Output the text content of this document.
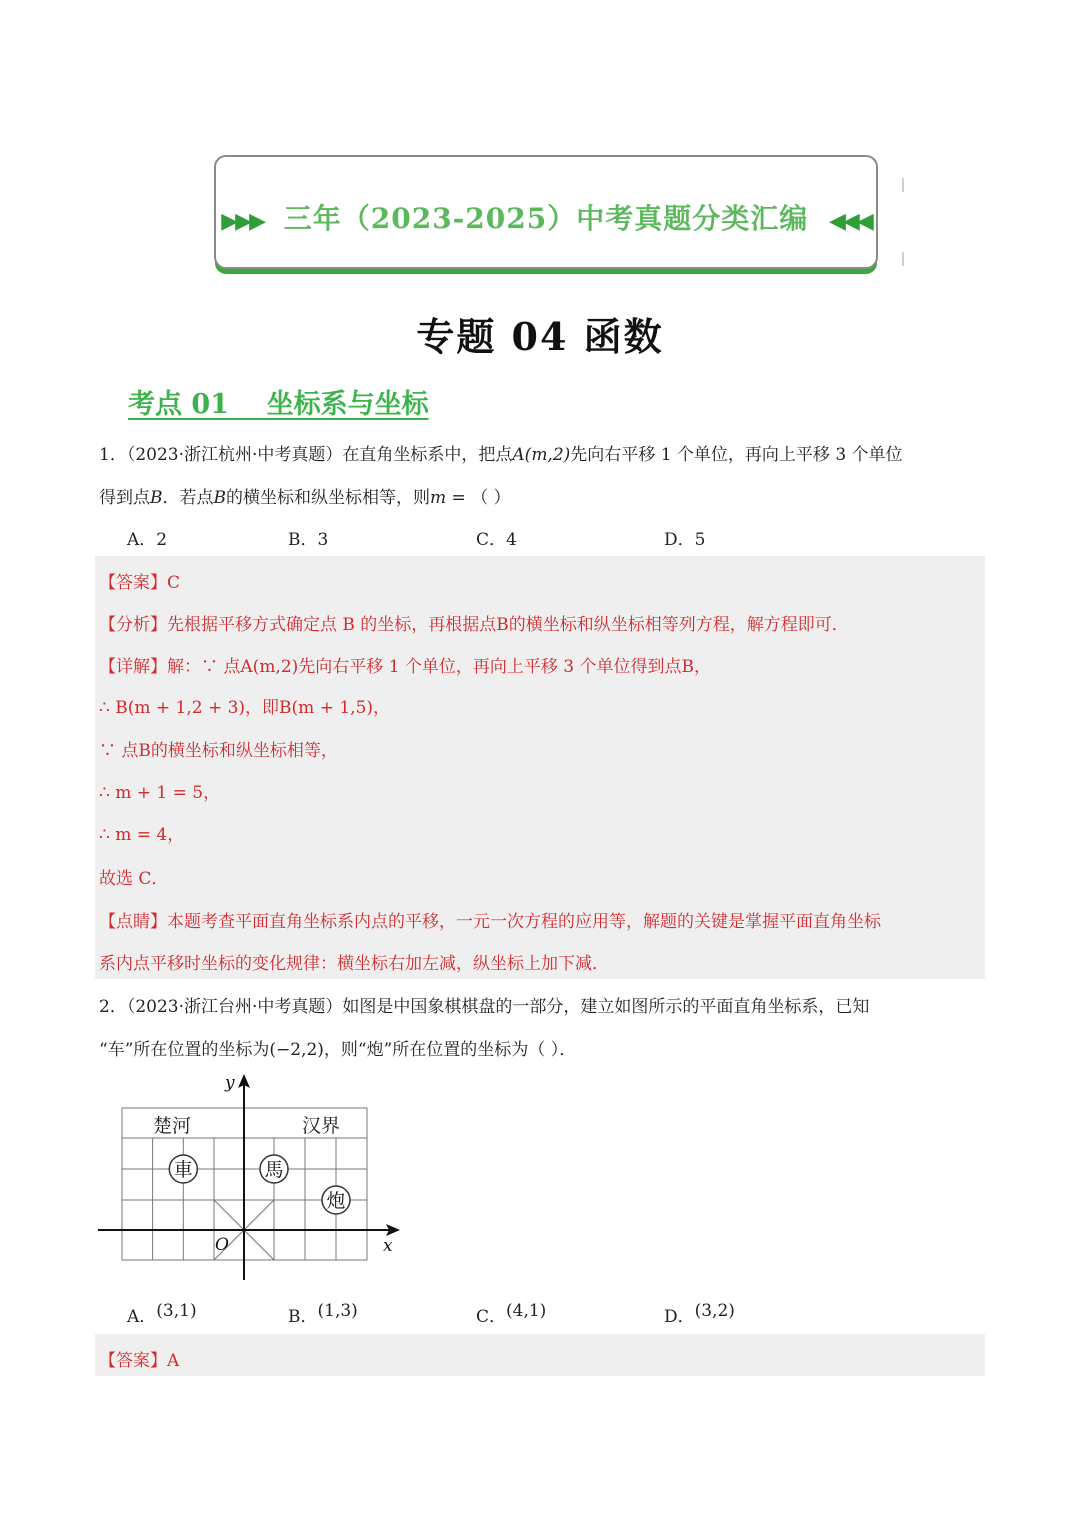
▶▶▶ 三年（2023-2025）中考真题分类汇编 ◀◀◀
专题 04 函数
考点 01    坐标系与坐标
1．（2023·浙江杭州·中考真题）在直角坐标系中，把点A(m,2)先向右平移 1 个单位，再向上平移 3 个单位
得到点B．若点B的横坐标和纵坐标相等，则m = （ ）
A．2	B．3	C．4	D．5
【答案】C
【分析】先根据平移方式确定点 B 的坐标，再根据点B的横坐标和纵坐标相等列方程，解方程即可．
【详解】解：∵ 点A(m,2)先向右平移 1 个单位，再向上平移 3 个单位得到点B，
∴ B(m + 1,2 + 3)，即B(m + 1,5)，
∵ 点B的横坐标和纵坐标相等，
∴ m + 1 = 5，
∴ m = 4，
故选 C．
【点睛】本题考查平面直角坐标系内点的平移，一元一次方程的应用等，解题的关键是掌握平面直角坐标
系内点平移时坐标的变化规律：横坐标右加左减，纵坐标上加下减．
2．（2023·浙江台州·中考真题）如图是中国象棋棋盘的一部分，建立如图所示的平面直角坐标系，已知
“车”所在位置的坐标为(−2,2)，则“炮”所在位置的坐标为（ ）．
x
y
O
楚河	汉界
車	馬
炮
A．(3,1)	B．(1,3)	C．(4,1)	D．(3,2)
【答案】A
